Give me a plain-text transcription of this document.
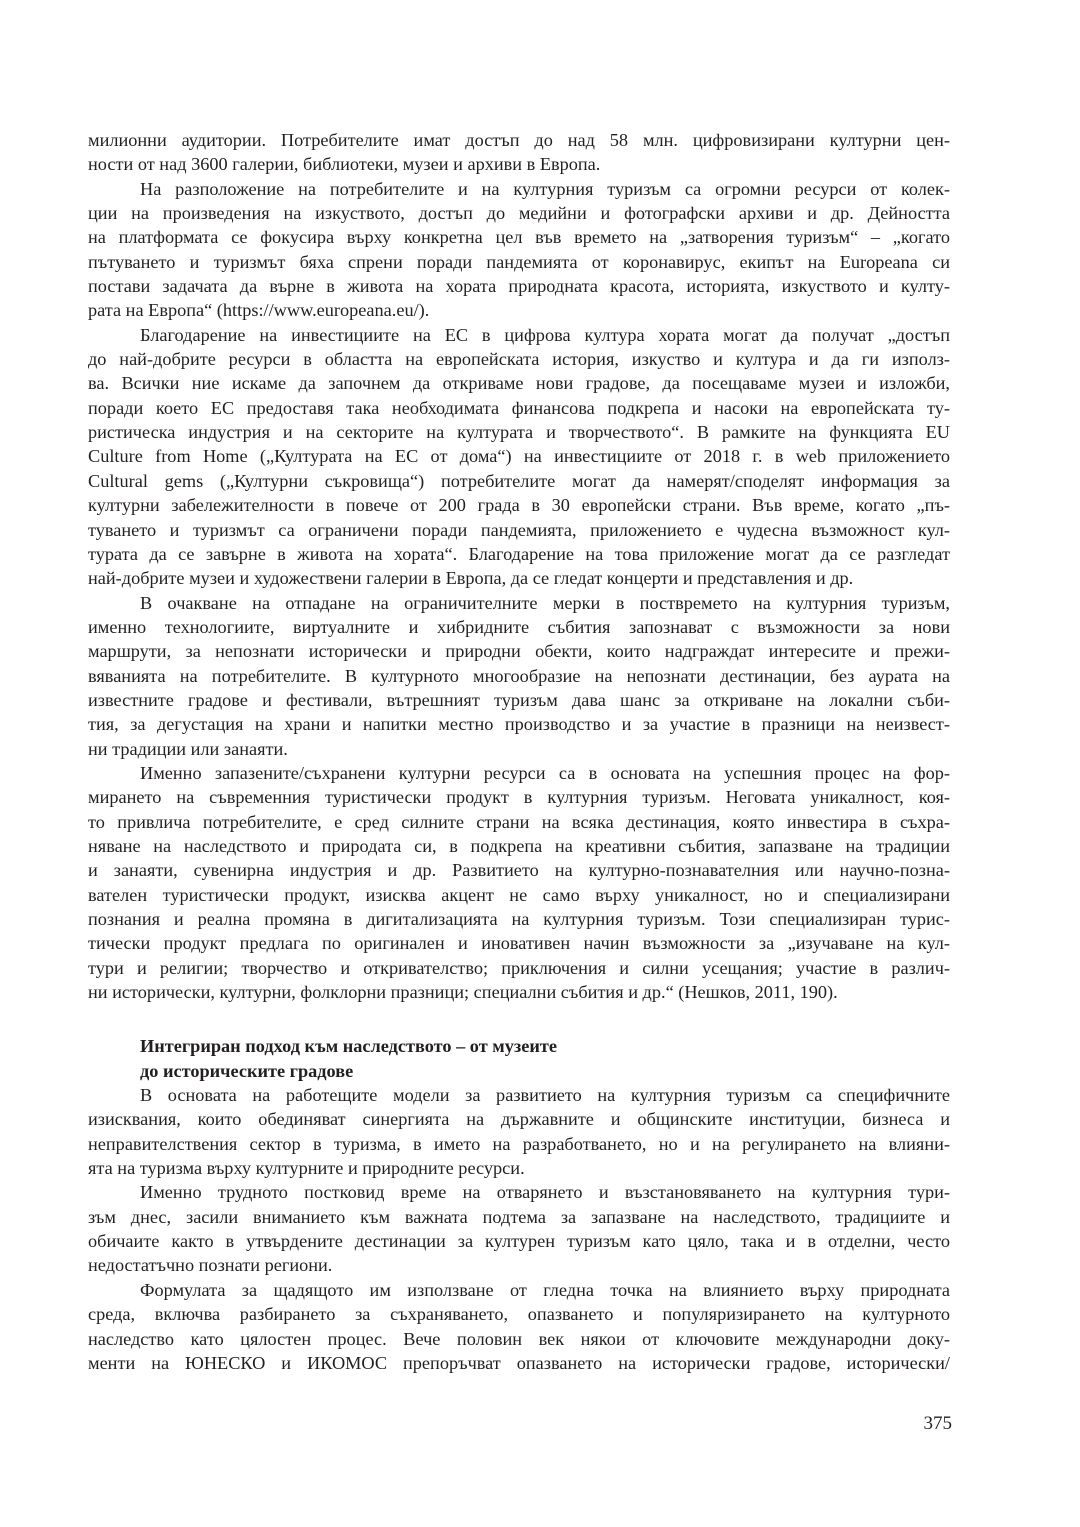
милионни аудитории. Потребителите имат достъп до над 58 млн. цифровизирани културни цен-
ности от над 3600 галерии, библиотеки, музеи и архиви в Европа.
На разположение на потребителите и на културния туризъм са огромни ресурси от колек-
ции на произведения на изкуството, достъп до медийни и фотографски архиви и др. Дейността
на платформата се фокусира върху конкретна цел във времето на „затворения туризъм“ – „когато
пътуването и туризмът бяха спрени поради пандемията от коронавирус, екипът на Europeana си
постави задачата да върне в живота на хората природната красота, историята, изкуството и култу-
рата на Европа“ (https://www.europeana.eu/).
Благодарение на инвестициите на ЕС в цифрова култура хората могат да получат „достъп
до най-добрите ресурси в областта на европейската история, изкуство и култура и да ги използ-
ва. Всички ние искаме да започнем да откриваме нови градове, да посещаваме музеи и изложби,
поради което ЕС предоставя така необходимата финансова подкрепа и насоки на европейската ту-
ристическа индустрия и на секторите на културата и творчеството“. В рамките на функцията EU
Culture from Home („Културата на ЕС от дома“) на инвестициите от 2018 г. в web приложението
Cultural gems („Културни съкровища“) потребителите могат да намерят/споделят информация за
културни забележителности в повече от 200 града в 30 европейски страни. Във време, когато „пъ-
туването и туризмът са ограничени поради пандемията, приложението е чудесна възможност кул-
турата да се завърне в живота на хората“. Благодарение на това приложение могат да се разгледат
най-добрите музеи и художествени галерии в Европа, да се гледат концерти и представления и др.
В очакване на отпадане на ограничителните мерки в поствремето на културния туризъм,
именно технологиите, виртуалните и хибридните събития запознават с възможности за нови
маршрути, за непознати исторически и природни обекти, които надграждат интересите и прежи-
вяванията на потребителите. В културното многообразие на непознати дестинации, без аурата на
известните градове и фестивали, вътрешният туризъм дава шанс за откриване на локални съби-
тия, за дегустация на храни и напитки местно производство и за участие в празници на неизвест-
ни традиции или занаяти.
Именно запазените/съхранени културни ресурси са в основата на успешния процес на фор-
мирането на съвременния туристически продукт в културния туризъм. Неговата уникалност, коя-
то привлича потребителите, е сред силните страни на всяка дестинация, която инвестира в съхра-
няване на наследството и природата си, в подкрепа на креативни събития, запазване на традиции
и занаяти, сувенирна индустрия и др. Развитието на културно-познавателния или научно-позна-
вателен туристически продукт, изисква акцент не само върху уникалност, но и специализирани
познания и реална промяна в дигитализацията на културния туризъм. Този специализиран турис-
тически продукт предлага по оригинален и иновативен начин възможности за „изучаване на кул-
тури и религии; творчество и откривателство; приключения и силни усещания; участие в различ-
ни исторически, културни, фолклорни празници; специални събития и др.“ (Нешков, 2011, 190).
Интегриран подход към наследството – от музеите
до историческите градове
В основата на работещите модели за развитието на културния туризъм са специфичните
изисквания, които обединяват синергията на държавните и общинските институции, бизнеса и
неправителствения сектор в туризма, в името на разработването, но и на регулирането на влияни-
ята на туризма върху културните и природните ресурси.
Именно трудното постковид време на отварянето и възстановяването на културния тури-
зъм днес, засили вниманието към важната подтема за запазване на наследството, традициите и
обичаите както в утвърдените дестинации за културен туризъм като цяло, така и в отделни, често
недостатъчно познати региони.
Формулата за щадящото им използване от гледна точка на влиянието върху природната
среда, включва разбирането за съхраняването, опазването и популяризирането на културното
наследство като цялостен процес. Вече половин век някои от ключовите международни доку-
менти на ЮНЕСКО и ИКОМОС препоръчват опазването на исторически градове, исторически/
375
